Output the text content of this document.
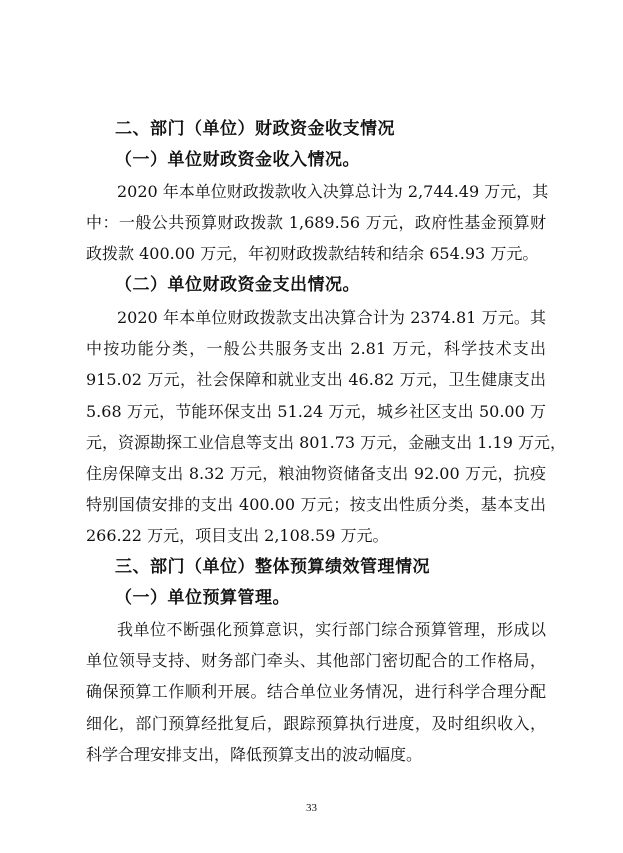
二、部门（单位）财政资金收支情况
（一）单位财政资金收入情况。
2020 年本单位财政拨款收入决算总计为 2,744.49 万元，其
中：一般公共预算财政拨款 1,689.56 万元，政府性基金预算财
政拨款 400.00 万元，年初财政拨款结转和结余 654.93 万元。
（二）单位财政资金支出情况。
2020 年本单位财政拨款支出决算合计为 2374.81 万元。其
中按功能分类，一般公共服务支出 2.81 万元，科学技术支出
915.02 万元，社会保障和就业支出 46.82 万元，卫生健康支出
5.68 万元，节能环保支出 51.24 万元，城乡社区支出 50.00 万
元，资源勘探工业信息等支出 801.73 万元，金融支出 1.19 万元，
住房保障支出 8.32 万元，粮油物资储备支出 92.00 万元，抗疫
特别国债安排的支出 400.00 万元；按支出性质分类，基本支出
266.22 万元，项目支出 2,108.59 万元。
三、部门（单位）整体预算绩效管理情况
（一）单位预算管理。
我单位不断强化预算意识，实行部门综合预算管理，形成以
单位领导支持、财务部门牵头、其他部门密切配合的工作格局，
确保预算工作顺利开展。结合单位业务情况，进行科学合理分配
细化，部门预算经批复后，跟踪预算执行进度，及时组织收入，
科学合理安排支出，降低预算支出的波动幅度。
33
